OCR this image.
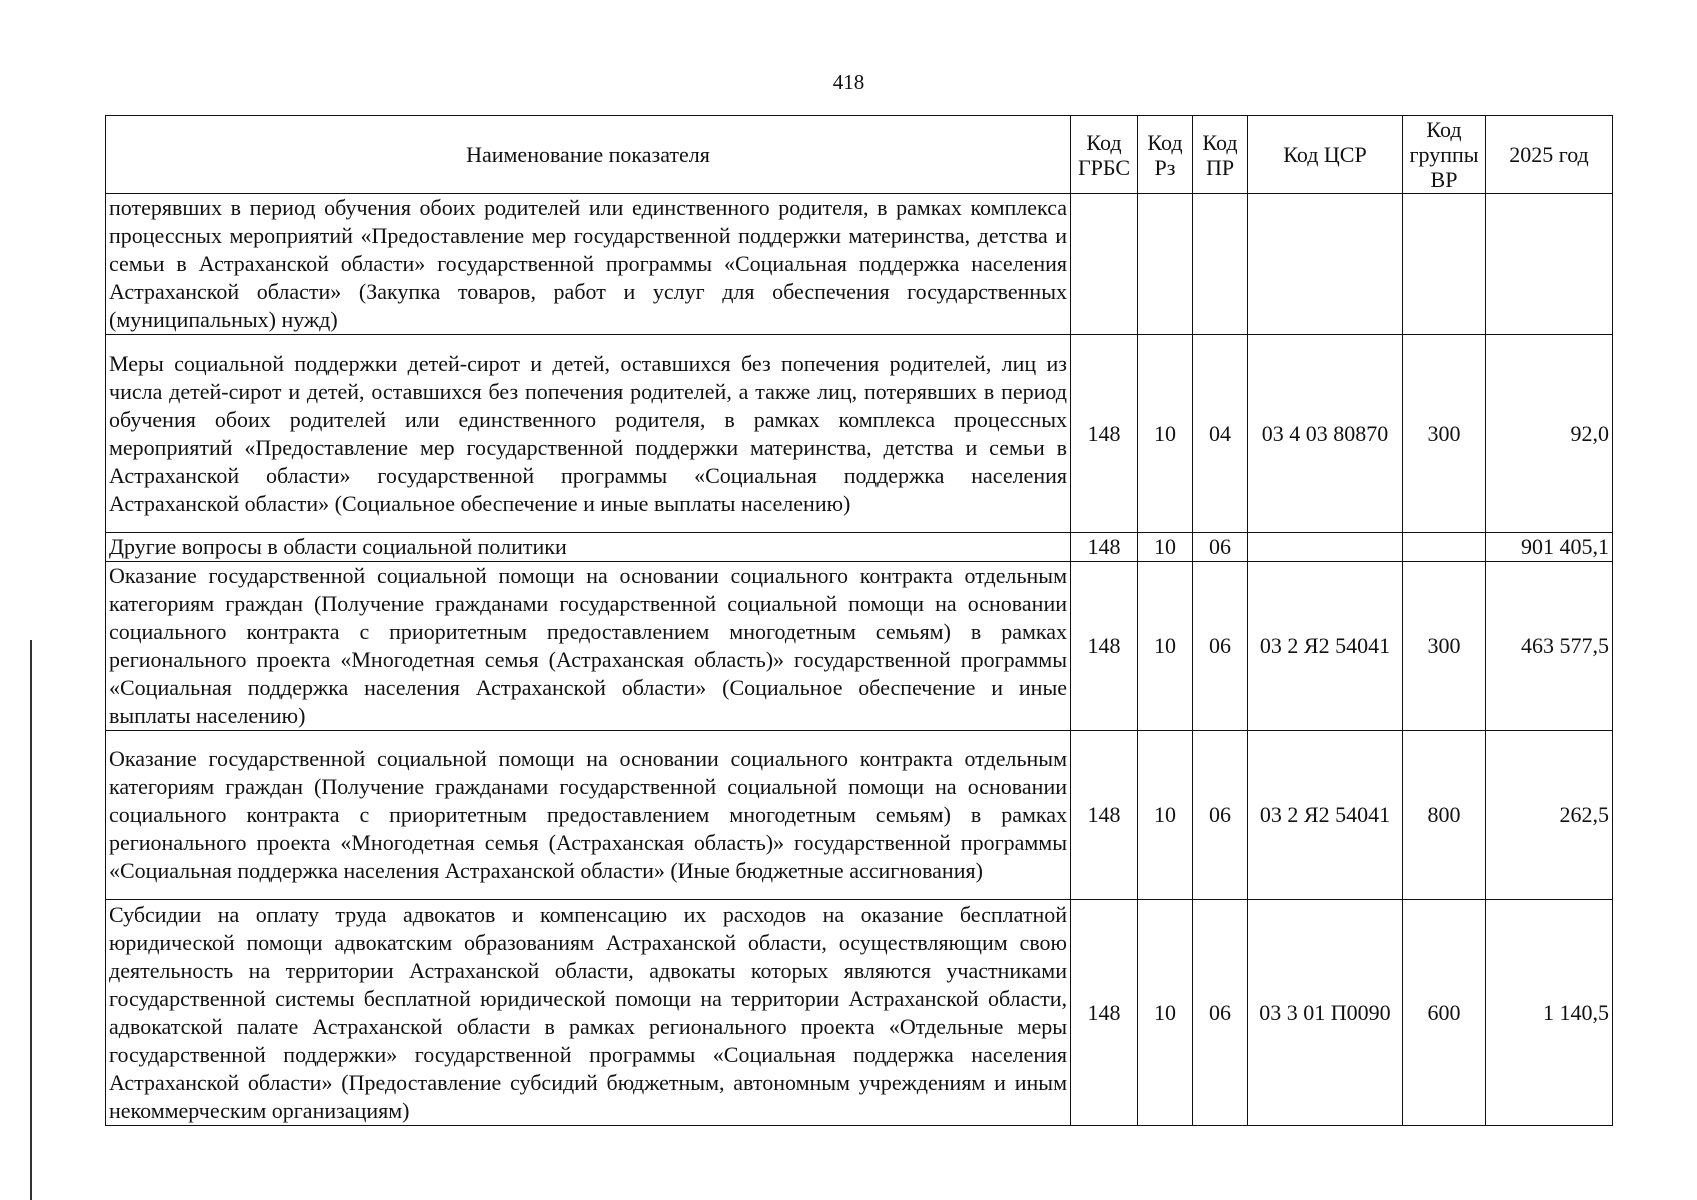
418
Наименование показателя	Код ГРБС	Код Рз	Код ПР	Код ЦСР	Код группы ВР	2025 год
потерявших в период обучения обоих родителей или единственного родителя, в рамках комплекса процессных мероприятий «Предоставление мер государственной поддержки материнства, детства и семьи в Астраханской области» государственной программы «Социальная поддержка населения Астраханской области» (Закупка товаров, работ и услуг для обеспечения государственных (муниципальных) нужд)						
Меры социальной поддержки детей-сирот и детей, оставшихся без попечения родителей, лиц из числа детей-сирот и детей, оставшихся без попечения родителей, а также лиц, потерявших в период обучения обоих родителей или единственного родителя, в рамках комплекса процессных мероприятий «Предоставление мер государственной поддержки материнства, детства и семьи в Астраханской области» государственной программы «Социальная поддержка населения Астраханской области» (Социальное обеспечение и иные выплаты населению)	148	10	04	03 4 03 80870	300	92,0
Другие вопросы в области социальной политики	148	10	06			901 405,1
Оказание государственной социальной помощи на основании социального контракта отдельным категориям граждан (Получение гражданами государственной социальной помощи на основании социального контракта с приоритетным предоставлением многодетным семьям) в рамках регионального проекта «Многодетная семья (Астраханская область)» государственной программы «Социальная поддержка населения Астраханской области» (Социальное обеспечение и иные выплаты населению)	148	10	06	03 2 Я2 54041	300	463 577,5
Оказание государственной социальной помощи на основании социального контракта отдельным категориям граждан (Получение гражданами государственной социальной помощи на основании социального контракта с приоритетным предоставлением многодетным семьям) в рамках регионального проекта «Многодетная семья (Астраханская область)» государственной программы «Социальная поддержка населения Астраханской области» (Иные бюджетные ассигнования)	148	10	06	03 2 Я2 54041	800	262,5
Субсидии на оплату труда адвокатов и компенсацию их расходов на оказание бесплатной юридической помощи адвокатским образованиям Астраханской области, осуществляющим свою деятельность на территории Астраханской области, адвокаты которых являются участниками государственной системы бесплатной юридической помощи на территории Астраханской области, адвокатской палате Астраханской области в рамках регионального проекта «Отдельные меры государственной поддержки» государственной программы «Социальная поддержка населения Астраханской области» (Предоставление субсидий бюджетным, автономным учреждениям и иным некоммерческим организациям)	148	10	06	03 3 01 П0090	600	1 140,5
